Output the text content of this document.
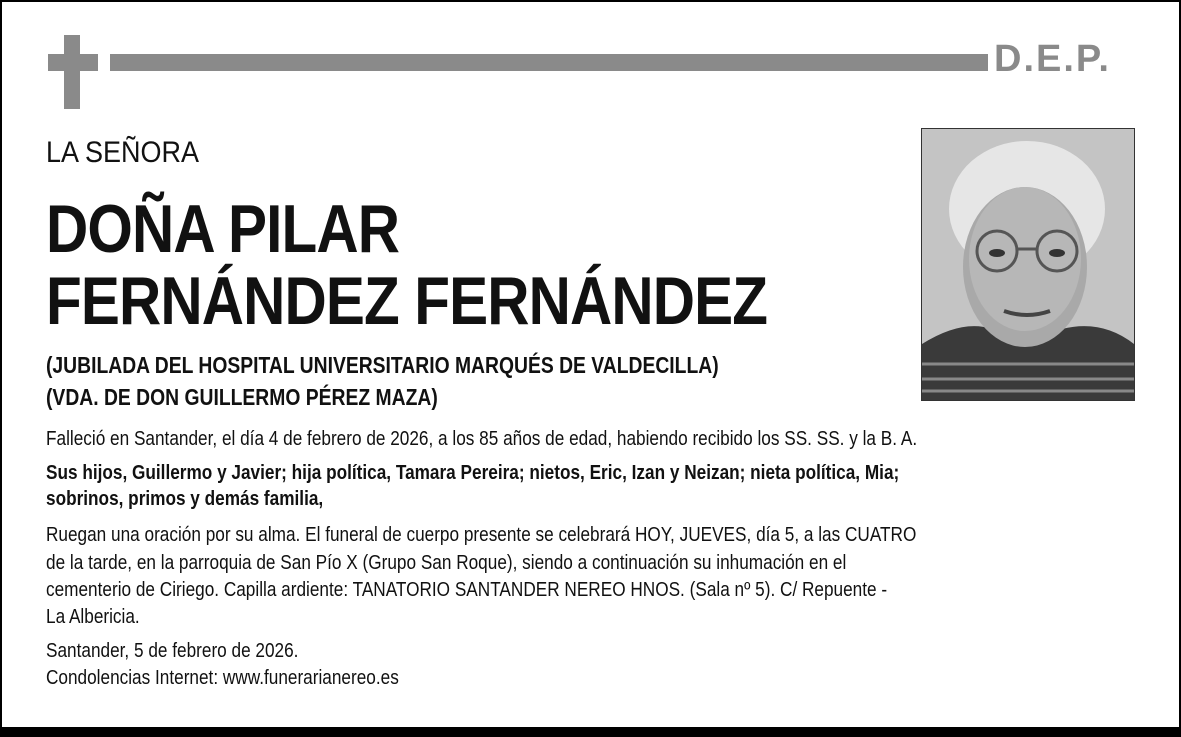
D.E.P.
LA SEÑORA
DOÑA PILAR
FERNÁNDEZ FERNÁNDEZ
(JUBILADA DEL HOSPITAL UNIVERSITARIO MARQUÉS DE VALDECILLA)
(VDA. DE DON GUILLERMO PÉREZ MAZA)
Falleció en Santander, el día 4 de febrero de 2026, a los 85 años de edad, habiendo recibido los SS. SS. y la B. A.
Sus hijos, Guillermo y Javier; hija política, Tamara Pereira; nietos, Eric, Izan y Neizan; nieta política, Mia;
sobrinos, primos y demás familia,
Ruegan una oración por su alma. El funeral de cuerpo presente se celebrará HOY, JUEVES, día 5, a las CUATRO
de la tarde, en la parroquia de San Pío X (Grupo San Roque), siendo a continuación su inhumación en el
cementerio de Ciriego. Capilla ardiente: TANATORIO SANTANDER NEREO HNOS. (Sala nº 5). C/ Repuente -
La Albericia.
Santander, 5 de febrero de 2026.
Condolencias Internet: www.funerarianereo.es
